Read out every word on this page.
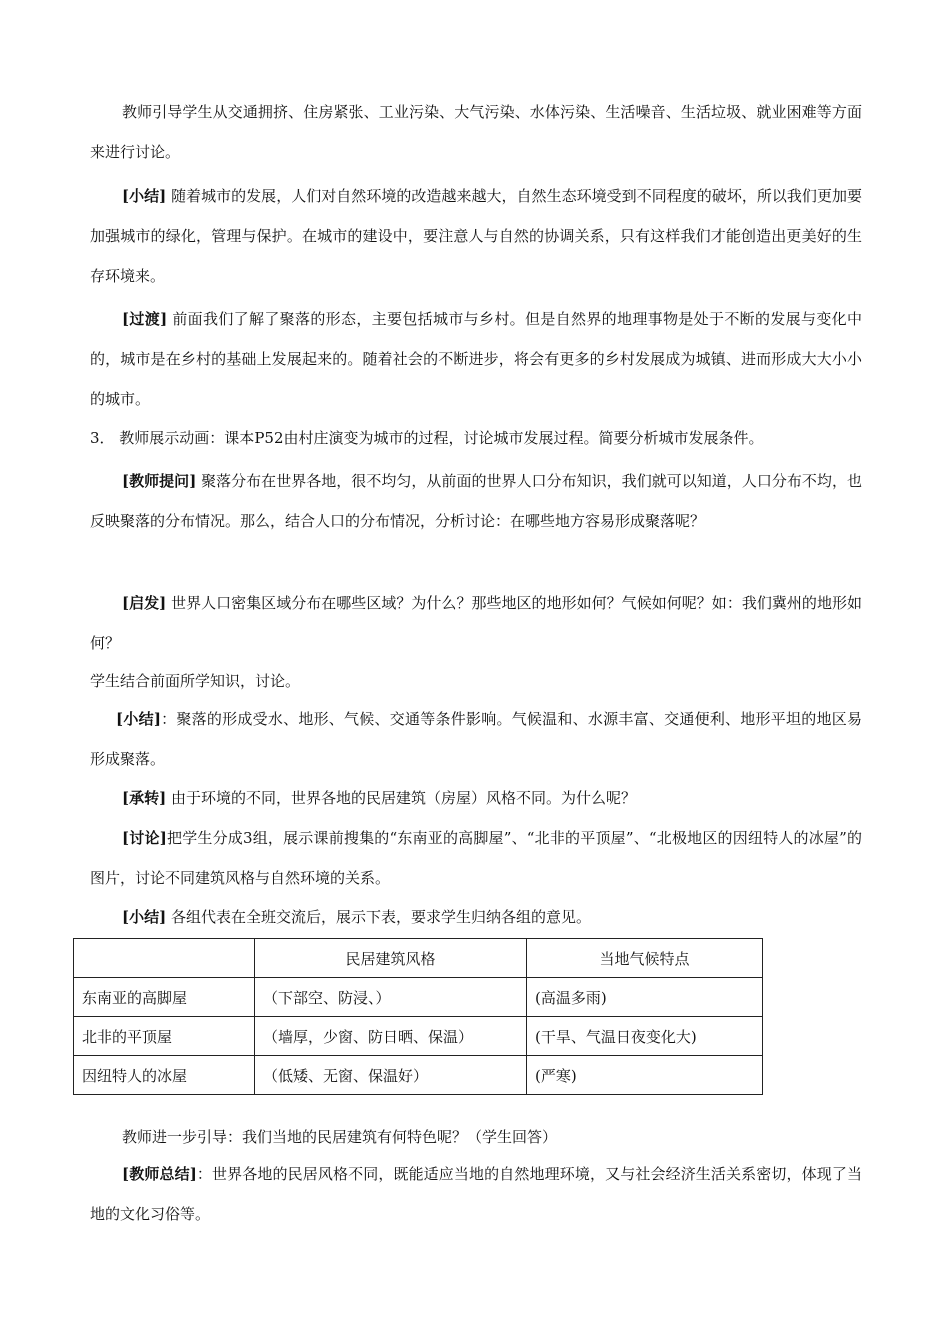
教师引导学生从交通拥挤、住房紧张、工业污染、大气污染、水体污染、生活噪音、生活垃圾、就业困难等方面来进行讨论。

[小结] 随着城市的发展，人们对自然环境的改造越来越大，自然生态环境受到不同程度的破坏，所以我们更加要加强城市的绿化，管理与保护。在城市的建设中，要注意人与自然的协调关系，只有这样我们才能创造出更美好的生存环境来。

[过渡] 前面我们了解了聚落的形态，主要包括城市与乡村。但是自然界的地理事物是处于不断的发展与变化中的，城市是在乡村的基础上发展起来的。随着社会的不断进步，将会有更多的乡村发展成为城镇、进而形成大大小小的城市。

3． 教师展示动画：课本P52由村庄演变为城市的过程，讨论城市发展过程。简要分析城市发展条件。

[教师提问] 聚落分布在世界各地，很不均匀，从前面的世界人口分布知识，我们就可以知道，人口分布不均，也反映聚落的分布情况。那么，结合人口的分布情况，分析讨论：在哪些地方容易形成聚落呢？

[启发] 世界人口密集区域分布在哪些区域？为什么？那些地区的地形如何？气候如何呢？如：我们冀州的地形如何？

学生结合前面所学知识，讨论。

[小结]：聚落的形成受水、地形、气候、交通等条件影响。气候温和、水源丰富、交通便利、地形平坦的地区易形成聚落。

[承转] 由于环境的不同，世界各地的民居建筑（房屋）风格不同。为什么呢？

[讨论]把学生分成3组，展示课前搜集的“东南亚的高脚屋”、“北非的平顶屋”、“北极地区的因纽特人的冰屋”的图片，讨论不同建筑风格与自然环境的关系。

[小结] 各组代表在全班交流后，展示下表，要求学生归纳各组的意见。

	民居建筑风格	当地气候特点
东南亚的高脚屋	（下部空、防浸、）	(高温多雨)
北非的平顶屋	（墙厚，少窗、防日晒、保温）	(干旱、气温日夜变化大)
因纽特人的冰屋	（低矮、无窗、保温好）	(严寒)

教师进一步引导：我们当地的民居建筑有何特色呢？（学生回答）

[教师总结]：世界各地的民居风格不同，既能适应当地的自然地理环境，又与社会经济生活关系密切，体现了当地的文化习俗等。
